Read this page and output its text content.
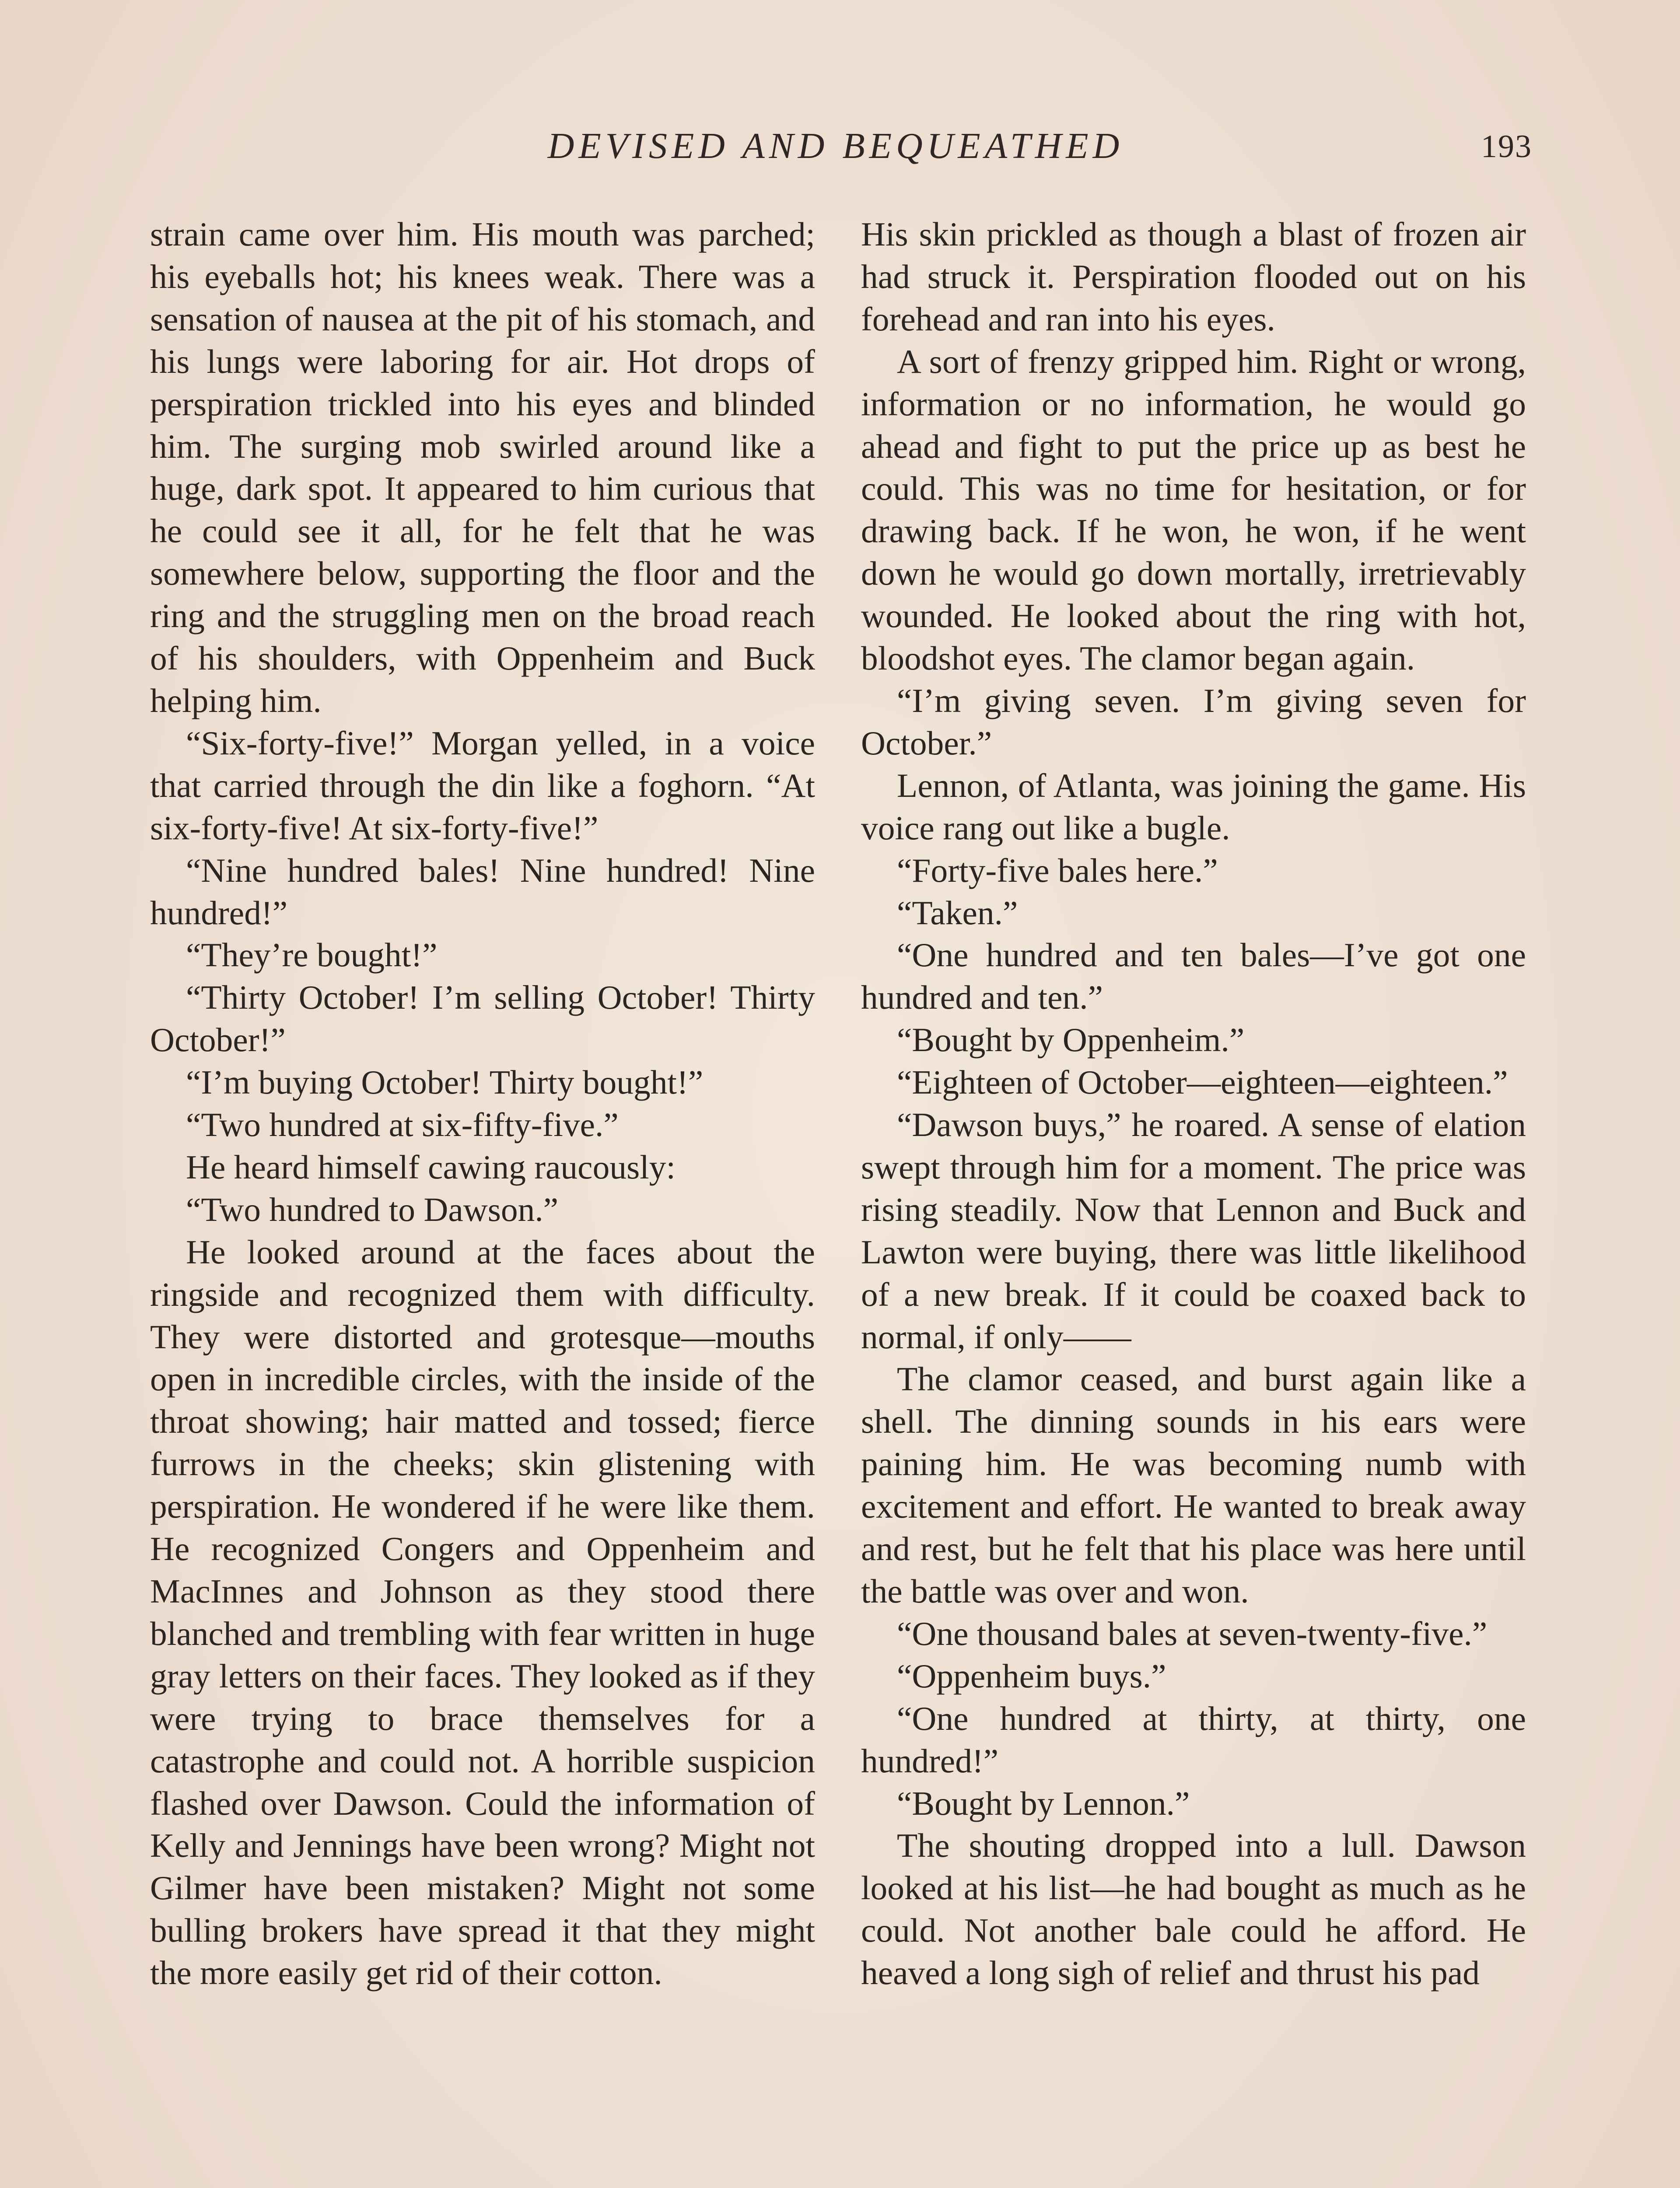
DEVISED AND BEQUEATHED	193

strain came over him. His mouth was parched; his eyeballs hot; his knees weak. There was a sensation of nausea at the pit of his stomach, and his lungs were laboring for air. Hot drops of perspiration trickled into his eyes and blinded him. The surging mob swirled around like a huge, dark spot. It appeared to him curious that he could see it all, for he felt that he was somewhere below, supporting the floor and the ring and the struggling men on the broad reach of his shoulders, with Oppenheim and Buck helping him.

“Six-forty-five!” Morgan yelled, in a voice that carried through the din like a foghorn. “At six-forty-five! At six-forty-five!”

“Nine hundred bales! Nine hundred! Nine hundred!”

“They’re bought!”

“Thirty October! I’m selling October! Thirty October!”

“I’m buying October! Thirty bought!”

“Two hundred at six-fifty-five.”

He heard himself cawing raucously:

“Two hundred to Dawson.”

He looked around at the faces about the ringside and recognized them with difficulty. They were distorted and grotesque—mouths open in incredible circles, with the inside of the throat showing; hair matted and tossed; fierce furrows in the cheeks; skin glistening with perspiration. He wondered if he were like them. He recognized Congers and Oppenheim and MacInnes and Johnson as they stood there blanched and trembling with fear written in huge gray letters on their faces. They looked as if they were trying to brace themselves for a catastrophe and could not. A horrible suspicion flashed over Dawson. Could the information of Kelly and Jennings have been wrong? Might not Gilmer have been mistaken? Might not some bulling brokers have spread it that they might the more easily get rid of their cotton.

His skin prickled as though a blast of frozen air had struck it. Perspiration flooded out on his forehead and ran into his eyes.

A sort of frenzy gripped him. Right or wrong, information or no information, he would go ahead and fight to put the price up as best he could. This was no time for hesitation, or for drawing back. If he won, he won, if he went down he would go down mortally, irretrievably wounded. He looked about the ring with hot, bloodshot eyes. The clamor began again.

“I’m giving seven. I’m giving seven for October.”

Lennon, of Atlanta, was joining the game. His voice rang out like a bugle.

“Forty-five bales here.”

“Taken.”

“One hundred and ten bales—I’ve got one hundred and ten.”

“Bought by Oppenheim.”

“Eighteen of October—eighteen—eighteen.”

“Dawson buys,” he roared. A sense of elation swept through him for a moment. The price was rising steadily. Now that Lennon and Buck and Lawton were buying, there was little likelihood of a new break. If it could be coaxed back to normal, if only——

The clamor ceased, and burst again like a shell. The dinning sounds in his ears were paining him. He was becoming numb with excitement and effort. He wanted to break away and rest, but he felt that his place was here until the battle was over and won.

“One thousand bales at seven-twenty-five.”

“Oppenheim buys.”

“One hundred at thirty, at thirty, one hundred!”

“Bought by Lennon.”

The shouting dropped into a lull. Dawson looked at his list—he had bought as much as he could. Not another bale could he afford. He heaved a long sigh of relief and thrust his pad
